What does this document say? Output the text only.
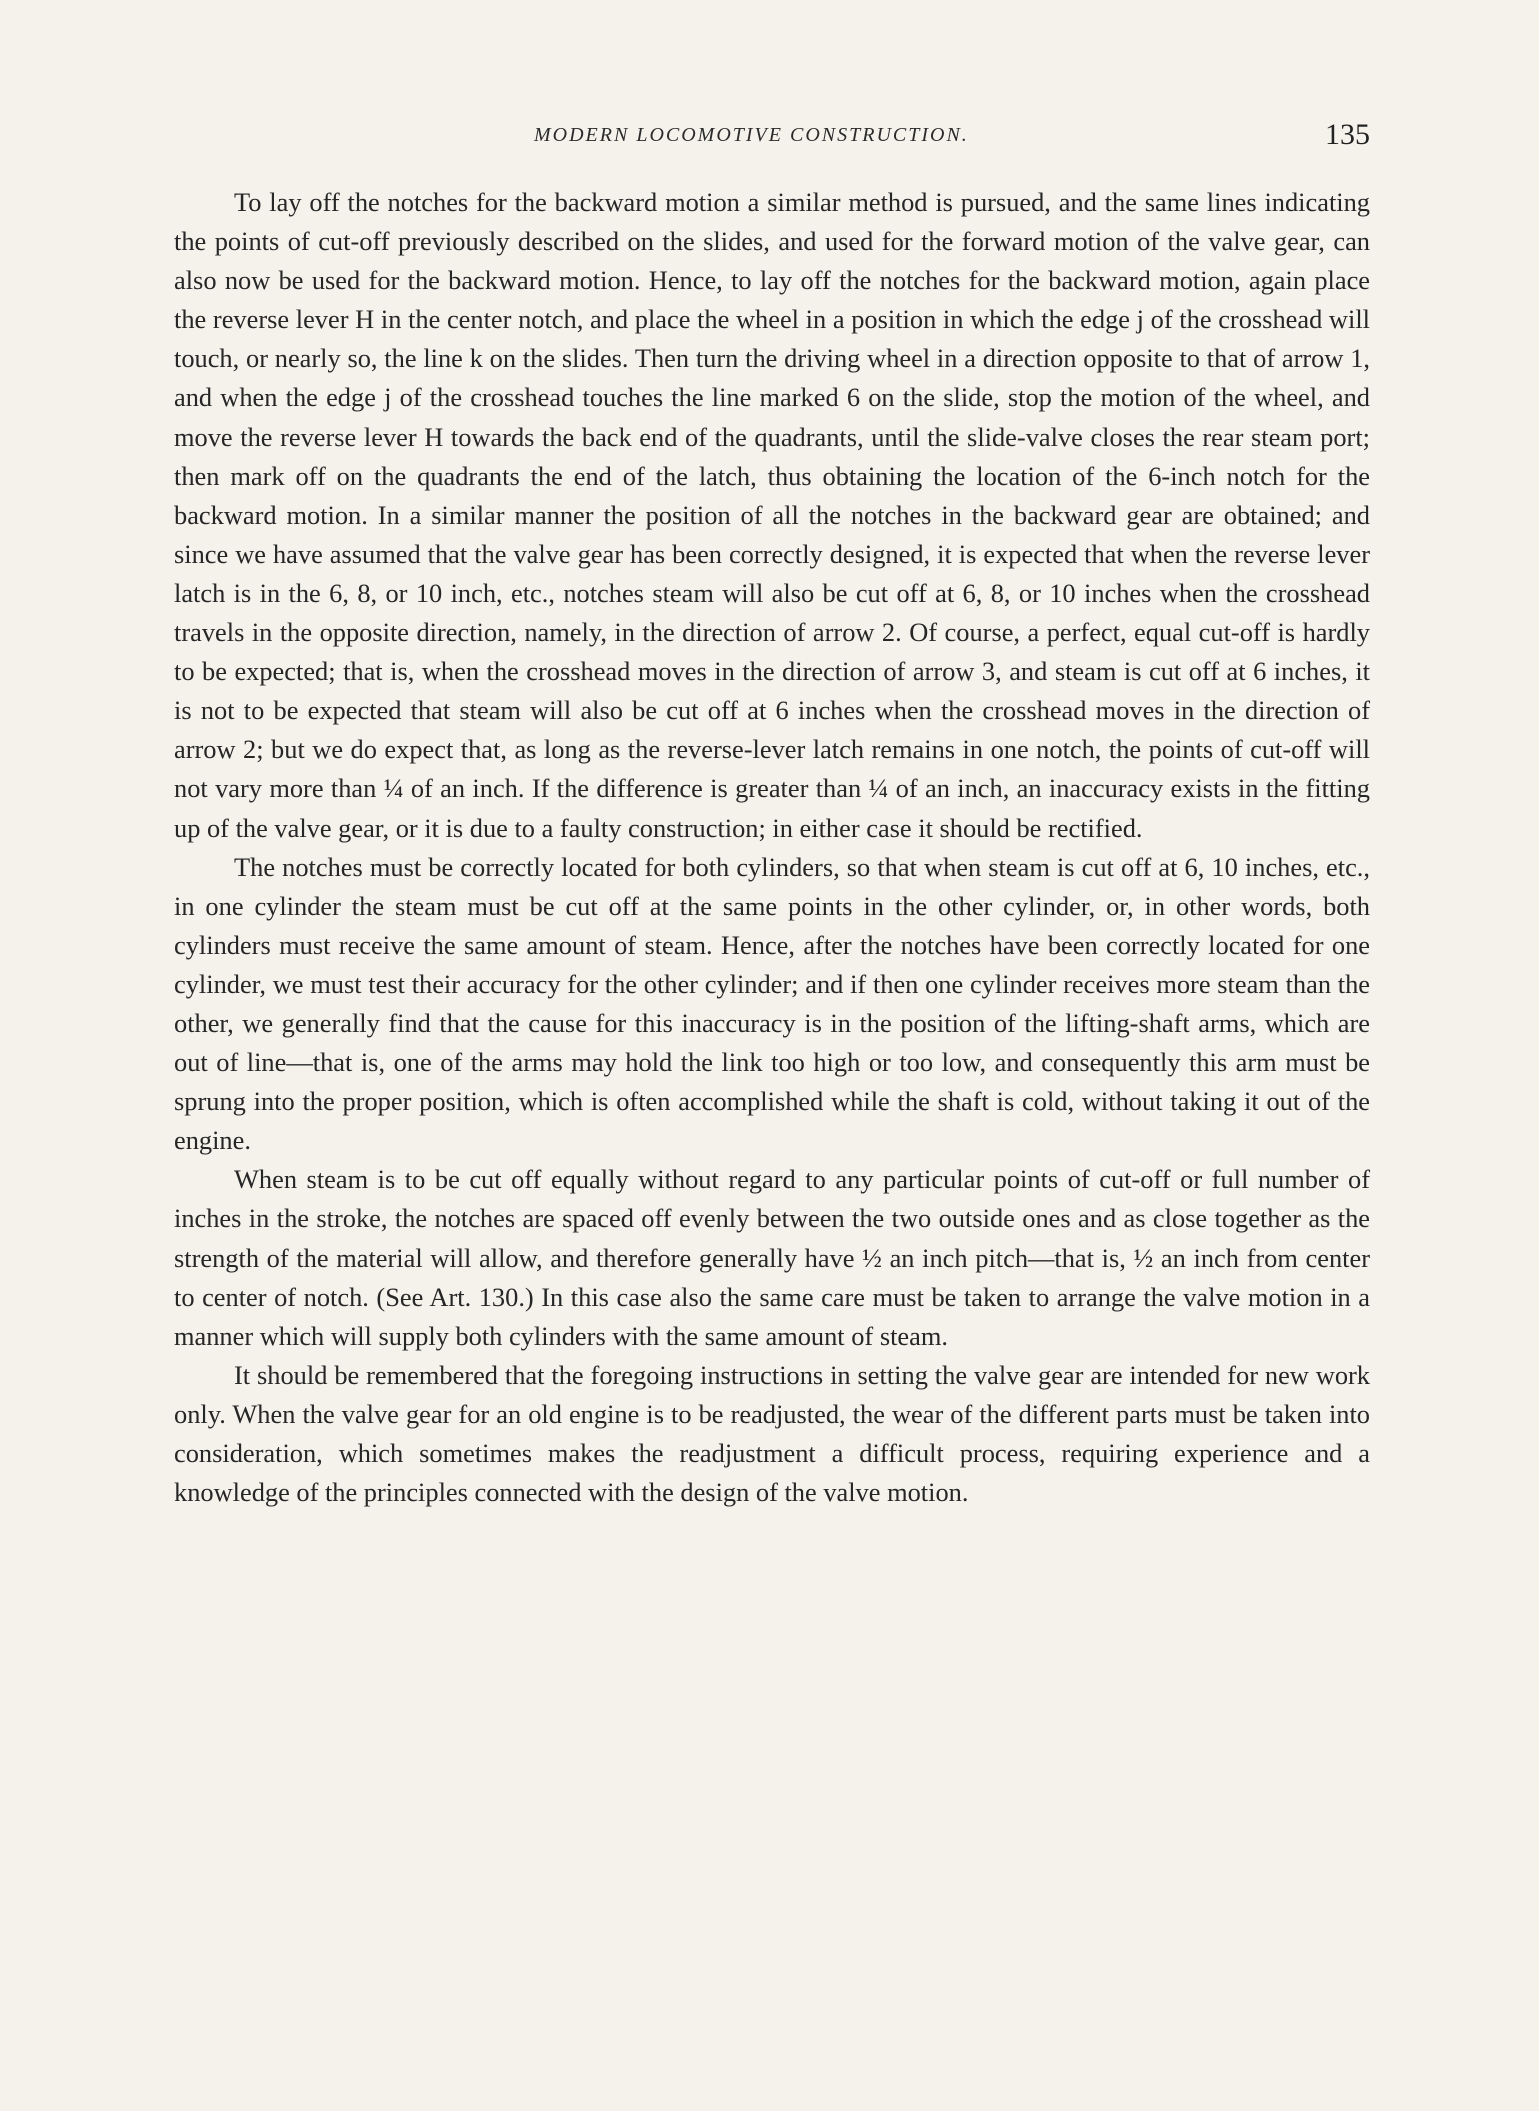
MODERN LOCOMOTIVE CONSTRUCTION.	135

To lay off the notches for the backward motion a similar method is pursued, and the same lines indicating the points of cut-off previously described on the slides, and used for the forward motion of the valve gear, can also now be used for the backward motion. Hence, to lay off the notches for the backward motion, again place the reverse lever H in the center notch, and place the wheel in a position in which the edge j of the crosshead will touch, or nearly so, the line k on the slides. Then turn the driving wheel in a direction opposite to that of arrow 1, and when the edge j of the crosshead touches the line marked 6 on the slide, stop the motion of the wheel, and move the reverse lever H towards the back end of the quadrants, until the slide-valve closes the rear steam port; then mark off on the quadrants the end of the latch, thus obtaining the location of the 6-inch notch for the backward motion. In a similar manner the position of all the notches in the backward gear are obtained; and since we have assumed that the valve gear has been correctly designed, it is expected that when the reverse lever latch is in the 6, 8, or 10 inch, etc., notches steam will also be cut off at 6, 8, or 10 inches when the crosshead travels in the opposite direction, namely, in the direction of arrow 2. Of course, a perfect, equal cut-off is hardly to be expected; that is, when the crosshead moves in the direction of arrow 3, and steam is cut off at 6 inches, it is not to be expected that steam will also be cut off at 6 inches when the crosshead moves in the direction of arrow 2; but we do expect that, as long as the reverse-lever latch remains in one notch, the points of cut-off will not vary more than ¼ of an inch. If the difference is greater than ¼ of an inch, an inaccuracy exists in the fitting up of the valve gear, or it is due to a faulty construction; in either case it should be rectified.

The notches must be correctly located for both cylinders, so that when steam is cut off at 6, 10 inches, etc., in one cylinder the steam must be cut off at the same points in the other cylinder, or, in other words, both cylinders must receive the same amount of steam. Hence, after the notches have been correctly located for one cylinder, we must test their accuracy for the other cylinder; and if then one cylinder receives more steam than the other, we generally find that the cause for this inaccuracy is in the position of the lifting-shaft arms, which are out of line—that is, one of the arms may hold the link too high or too low, and consequently this arm must be sprung into the proper position, which is often accomplished while the shaft is cold, without taking it out of the engine.

When steam is to be cut off equally without regard to any particular points of cut-off or full number of inches in the stroke, the notches are spaced off evenly between the two outside ones and as close together as the strength of the material will allow, and therefore generally have ½ an inch pitch—that is, ½ an inch from center to center of notch. (See Art. 130.) In this case also the same care must be taken to arrange the valve motion in a manner which will supply both cylinders with the same amount of steam.

It should be remembered that the foregoing instructions in setting the valve gear are intended for new work only. When the valve gear for an old engine is to be readjusted, the wear of the different parts must be taken into consideration, which sometimes makes the readjustment a difficult process, requiring experience and a knowledge of the principles connected with the design of the valve motion.
